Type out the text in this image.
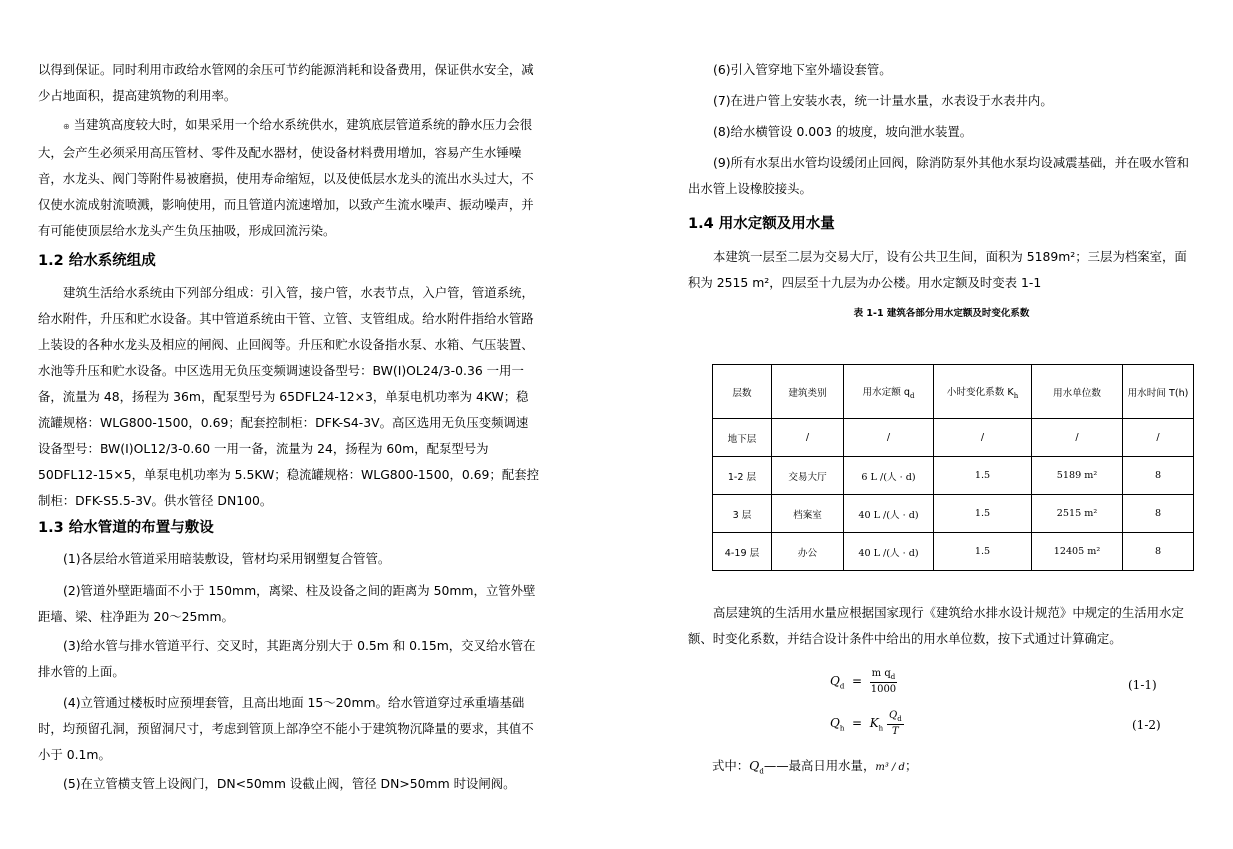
以得到保证。同时利用市政给水管网的余压可节约能源消耗和设备费用，保证供水安全，减少占地面积，提高建筑物的利用率。

⊕ 当建筑高度较大时，如果采用一个给水系统供水，建筑底层管道系统的静水压力会很大，会产生必须采用高压管材、零件及配水器材，使设备材料费用增加，容易产生水锤噪音，水龙头、阀门等附件易被磨损，使用寿命缩短，以及使低层水龙头的流出水头过大，不仅使水流成射流喷溅，影响使用，而且管道内流速增加，以致产生流水噪声、振动噪声，并有可能使顶层给水龙头产生负压抽吸，形成回流污染。

1.2 给水系统组成

建筑生活给水系统由下列部分组成：引入管，接户管，水表节点，入户管，管道系统，给水附件，升压和贮水设备。其中管道系统由干管、立管、支管组成。给水附件指给水管路上装设的各种水龙头及相应的闸阀、止回阀等。升压和贮水设备指水泵、水箱、气压装置、水池等升压和贮水设备。中区选用无负压变频调速设备型号：BW(I)OL24/3-0.36 一用一备，流量为 48，扬程为 36m，配泵型号为 65DFL24-12×3，单泵电机功率为 4KW；稳流罐规格：WLG800-1500，0.69；配套控制柜：DFK-S4-3V。高区选用无负压变频调速设备型号：BW(I)OL12/3-0.60 一用一备，流量为 24，扬程为 60m，配泵型号为 50DFL12-15×5，单泵电机功率为 5.5KW；稳流罐规格：WLG800-1500，0.69；配套控制柜：DFK-S5.5-3V。供水管径 DN100。

1.3 给水管道的布置与敷设

(1)各层给水管道采用暗装敷设，管材均采用钢塑复合管管。

(2)管道外壁距墙面不小于 150mm，离梁、柱及设备之间的距离为 50mm，立管外壁距墙、梁、柱净距为 20～25mm。

(3)给水管与排水管道平行、交叉时，其距离分别大于 0.5m 和 0.15m，交叉给水管在排水管的上面。

(4)立管通过楼板时应预埋套管，且高出地面 15～20mm。给水管道穿过承重墙基础时，均预留孔洞，预留洞尺寸，考虑到管顶上部净空不能小于建筑物沉降量的要求，其值不小于 0.1m。

(5)在立管横支管上设阀门，DN<50mm 设截止阀，管径 DN>50mm 时设闸阀。

(6)引入管穿地下室外墙设套管。

(7)在进户管上安装水表，统一计量水量，水表设于水表井内。

(8)给水横管设 0.003 的坡度，坡向泄水装置。

(9)所有水泵出水管均设缓闭止回阀，除消防泵外其他水泵均设减震基础，并在吸水管和出水管上设橡胶接头。

1.4 用水定额及用水量

本建筑一层至二层为交易大厅，设有公共卫生间，面积为 5189m²；三层为档案室，面积为 2515 m²，四层至十九层为办公楼。用水定额及时变表 1-1

表 1-1 建筑各部分用水定额及时变化系数
层数	建筑类别	用水定额 $q_d$	小时变化系数 $K_h$	用水单位数	用水时间 T(h)
地下层	/	/	/	/	/
1-2 层	交易大厅	6 L /(人 · d)	1.5	5189 m²	8
3 层	档案室	40 L /(人 · d)	1.5	2515 m²	8
4-19 层	办公	40 L /(人 · d)	1.5	12405 m²	8

高层建筑的生活用水量应根据国家现行《建筑给水排水设计规范》中规定的生活用水定额、时变化系数，并结合设计条件中给出的用水单位数，按下式通过计算确定。

$Q_d = \frac{m q_d}{1000}$	(1-1)
$Q_h = K_h \frac{Q_d}{T}$	(1-2)
式中：$Q_d——$最高日用水量，m³ / d；
